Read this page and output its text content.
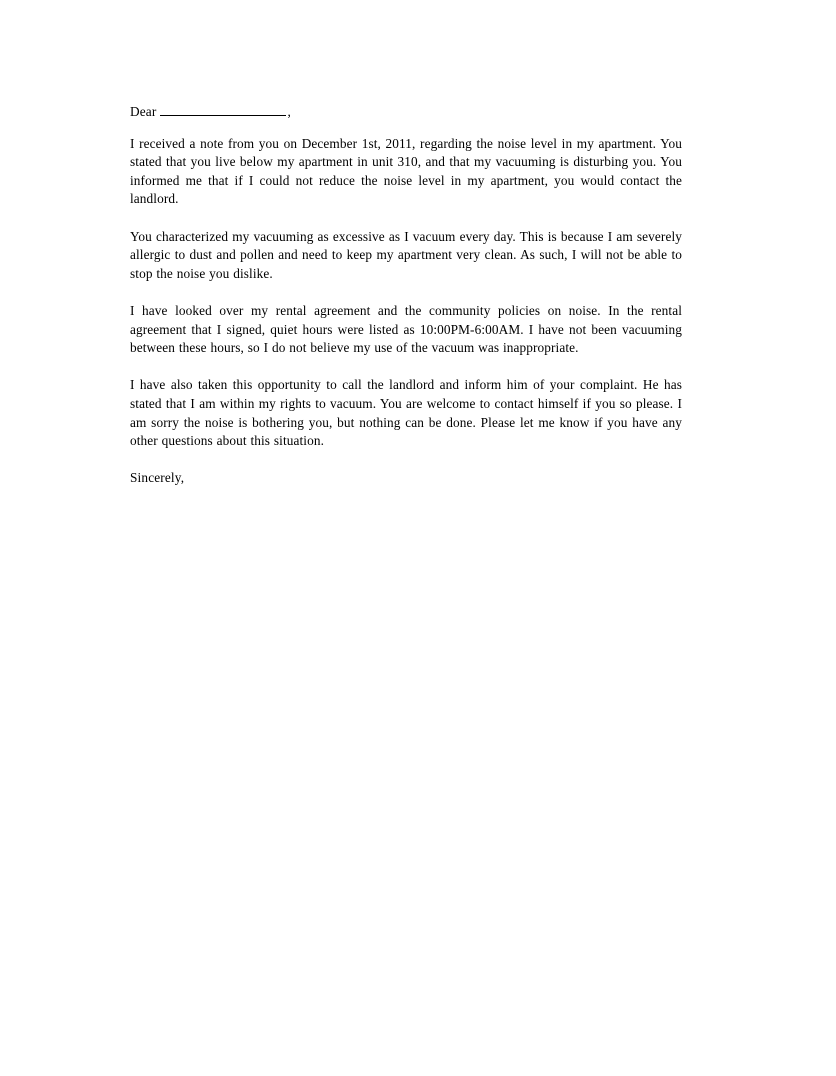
Dear	,

I received a note from you on December 1st, 2011, regarding the noise level in my apartment. You stated that you live below my apartment in unit 310, and that my vacuuming is disturbing you. You informed me that if I could not reduce the noise level in my apartment, you would contact the landlord.

You characterized my vacuuming as excessive as I vacuum every day. This is because I am severely allergic to dust and pollen and need to keep my apartment very clean. As such, I will not be able to stop the noise you dislike.

I have looked over my rental agreement and the community policies on noise. In the rental agreement that I signed, quiet hours were listed as 10:00PM-6:00AM. I have not been vacuuming between these hours, so I do not believe my use of the vacuum was inappropriate.

I have also taken this opportunity to call the landlord and inform him of your complaint. He has stated that I am within my rights to vacuum. You are welcome to contact himself if you so please. I am sorry the noise is bothering you, but nothing can be done. Please let me know if you have any other questions about this situation.

Sincerely,
